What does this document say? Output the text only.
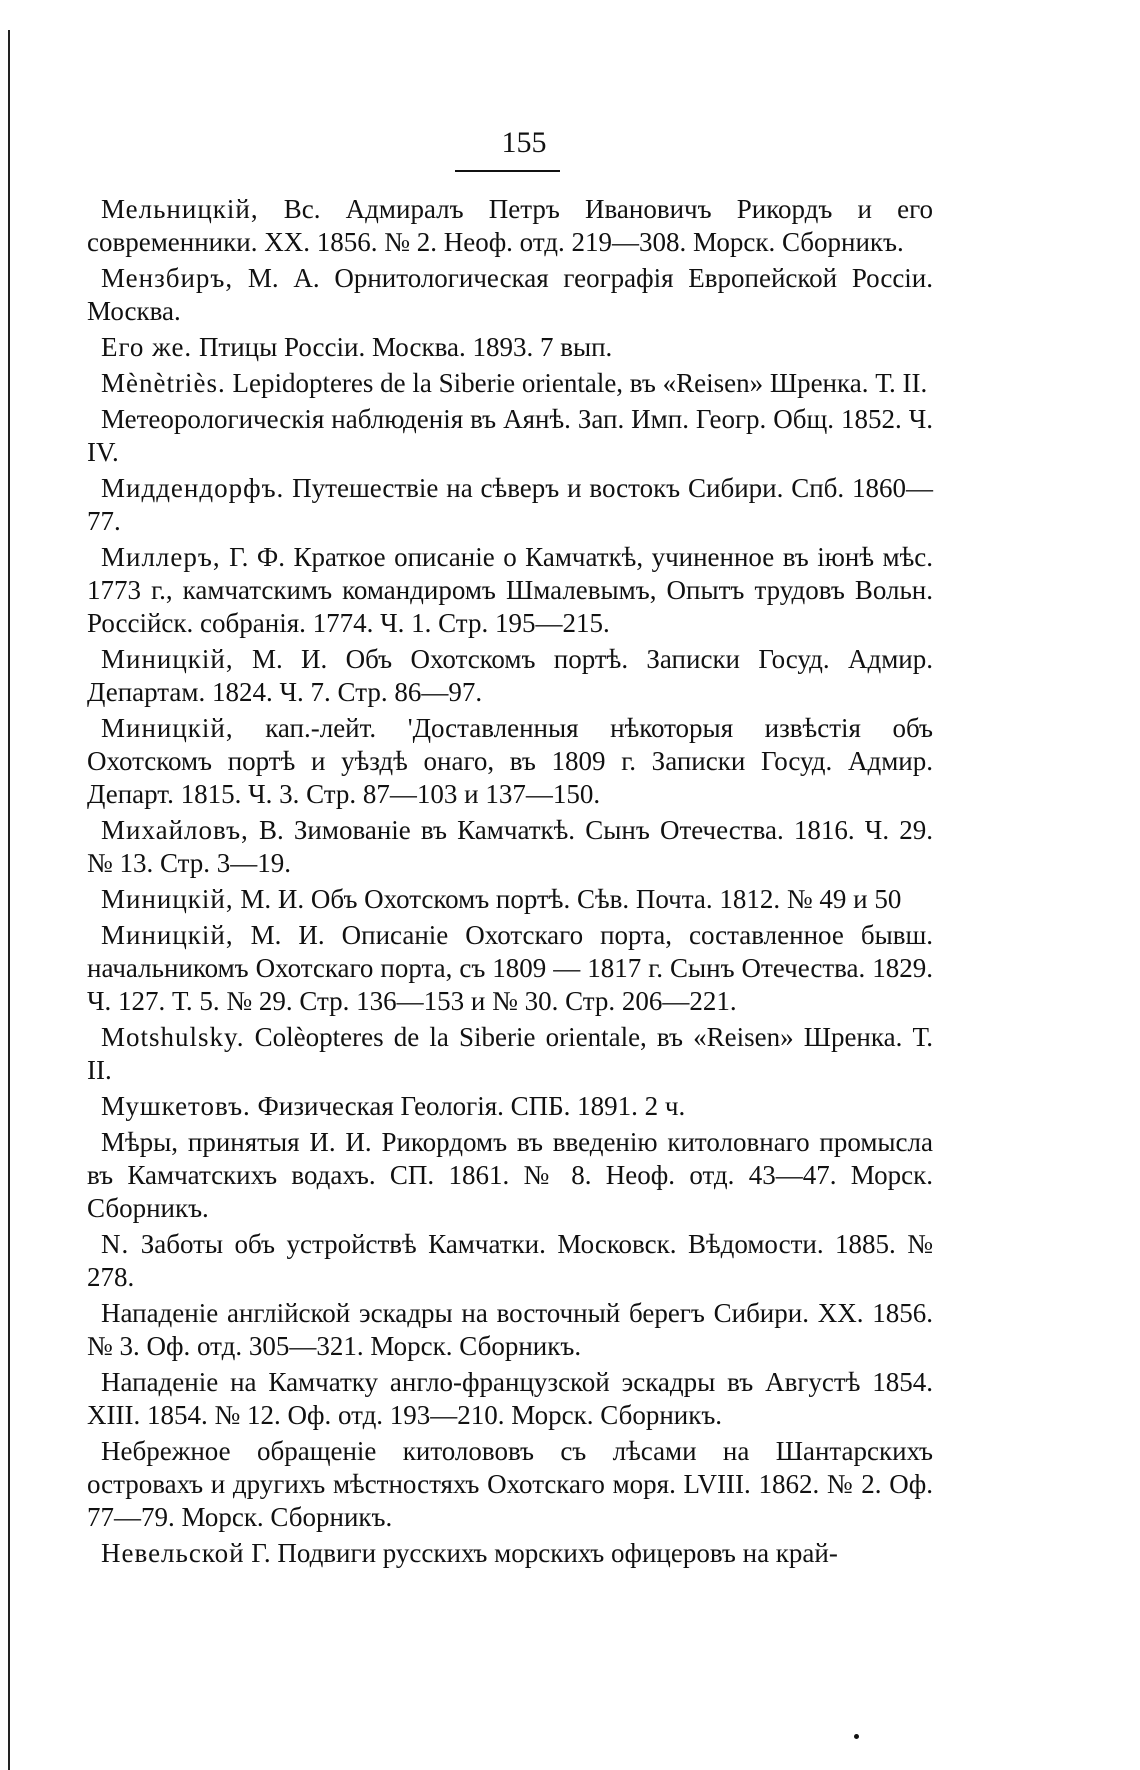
155

Мельницкій, Вс. Адмиралъ Петръ Ивановичъ Рикордъ и его современники. XX. 1856. № 2. Неоф. отд. 219—308. Морск. Сборникъ.

Мензбиръ, М. А. Орнитологическая географія Европейской Россіи. Москва.

Его же. Птицы Россіи. Москва. 1893. 7 вып.

Mènètriès. Lepidopteres de la Siberie orientale, въ «Reisen» Шренка. Т. II.

Метеорологическія наблюденія въ Аянѣ. Зап. Имп. Геогр. Общ. 1852. Ч. IV.

Миддендорфъ. Путешествіе на сѣверъ и востокъ Сибири. Спб. 1860—77.

Миллеръ, Г. Ф. Краткое описаніе о Камчаткѣ, учиненное въ іюнѣ мѣс. 1773 г., камчатскимъ командиромъ Шмалевымъ, Опытъ трудовъ Вольн. Россійск. собранія. 1774. Ч. 1. Стр. 195—215.

Миницкій, М. И. Объ Охотскомъ портѣ. Записки Госуд. Адмир. Департам. 1824. Ч. 7. Стр. 86—97.

Миницкій, кап.-лейт. 'Доставленныя нѣкоторыя извѣстія объ Охотскомъ портѣ и уѣздѣ онаго, въ 1809 г. Записки Госуд. Адмир. Департ. 1815. Ч. 3. Стр. 87—103 и 137—150.

Михайловъ, В. Зимованіе въ Камчаткѣ. Сынъ Отечества. 1816. Ч. 29. № 13. Стр. 3—19.

Миницкій, М. И. Объ Охотскомъ портѣ. Сѣв. Почта. 1812. № 49 и 50

Миницкій, М. И. Описаніе Охотскаго порта, составленное бывш. начальникомъ Охотскаго порта, съ 1809 — 1817 г. Сынъ Отечества. 1829. Ч. 127. Т. 5. № 29. Стр. 136—153 и № 30. Стр. 206—221.

Motshulsky. Colèopteres de la Siberie orientale, въ «Reisen» Шренка. Т. II.

Мушкетовъ. Физическая Геологія. СПБ. 1891. 2 ч.

Мѣры, принятыя И. И. Рикордомъ въ введенію китоловнаго промысла въ Камчатскихъ водахъ. СП. 1861. № 8. Неоф. отд. 43—47. Морск. Сборникъ.

N. Заботы объ устройствѣ Камчатки. Московск. Вѣдомости. 1885. № 278.

Нападеніе англійской эскадры на восточный берегъ Сибири. XX. 1856. № 3. Оф. отд. 305—321. Морск. Сборникъ.

Нападеніе на Камчатку англо-французской эскадры въ Августѣ 1854. XIII. 1854. № 12. Оф. отд. 193—210. Морск. Сборникъ.

Небрежное обращеніе китолововъ съ лѣсами на Шантарскихъ островахъ и другихъ мѣстностяхъ Охотскаго моря. LVIII. 1862. № 2. Оф. 77—79. Морск. Сборникъ.

Невельской Г. Подвиги русскихъ морскихъ офицеровъ на край-
